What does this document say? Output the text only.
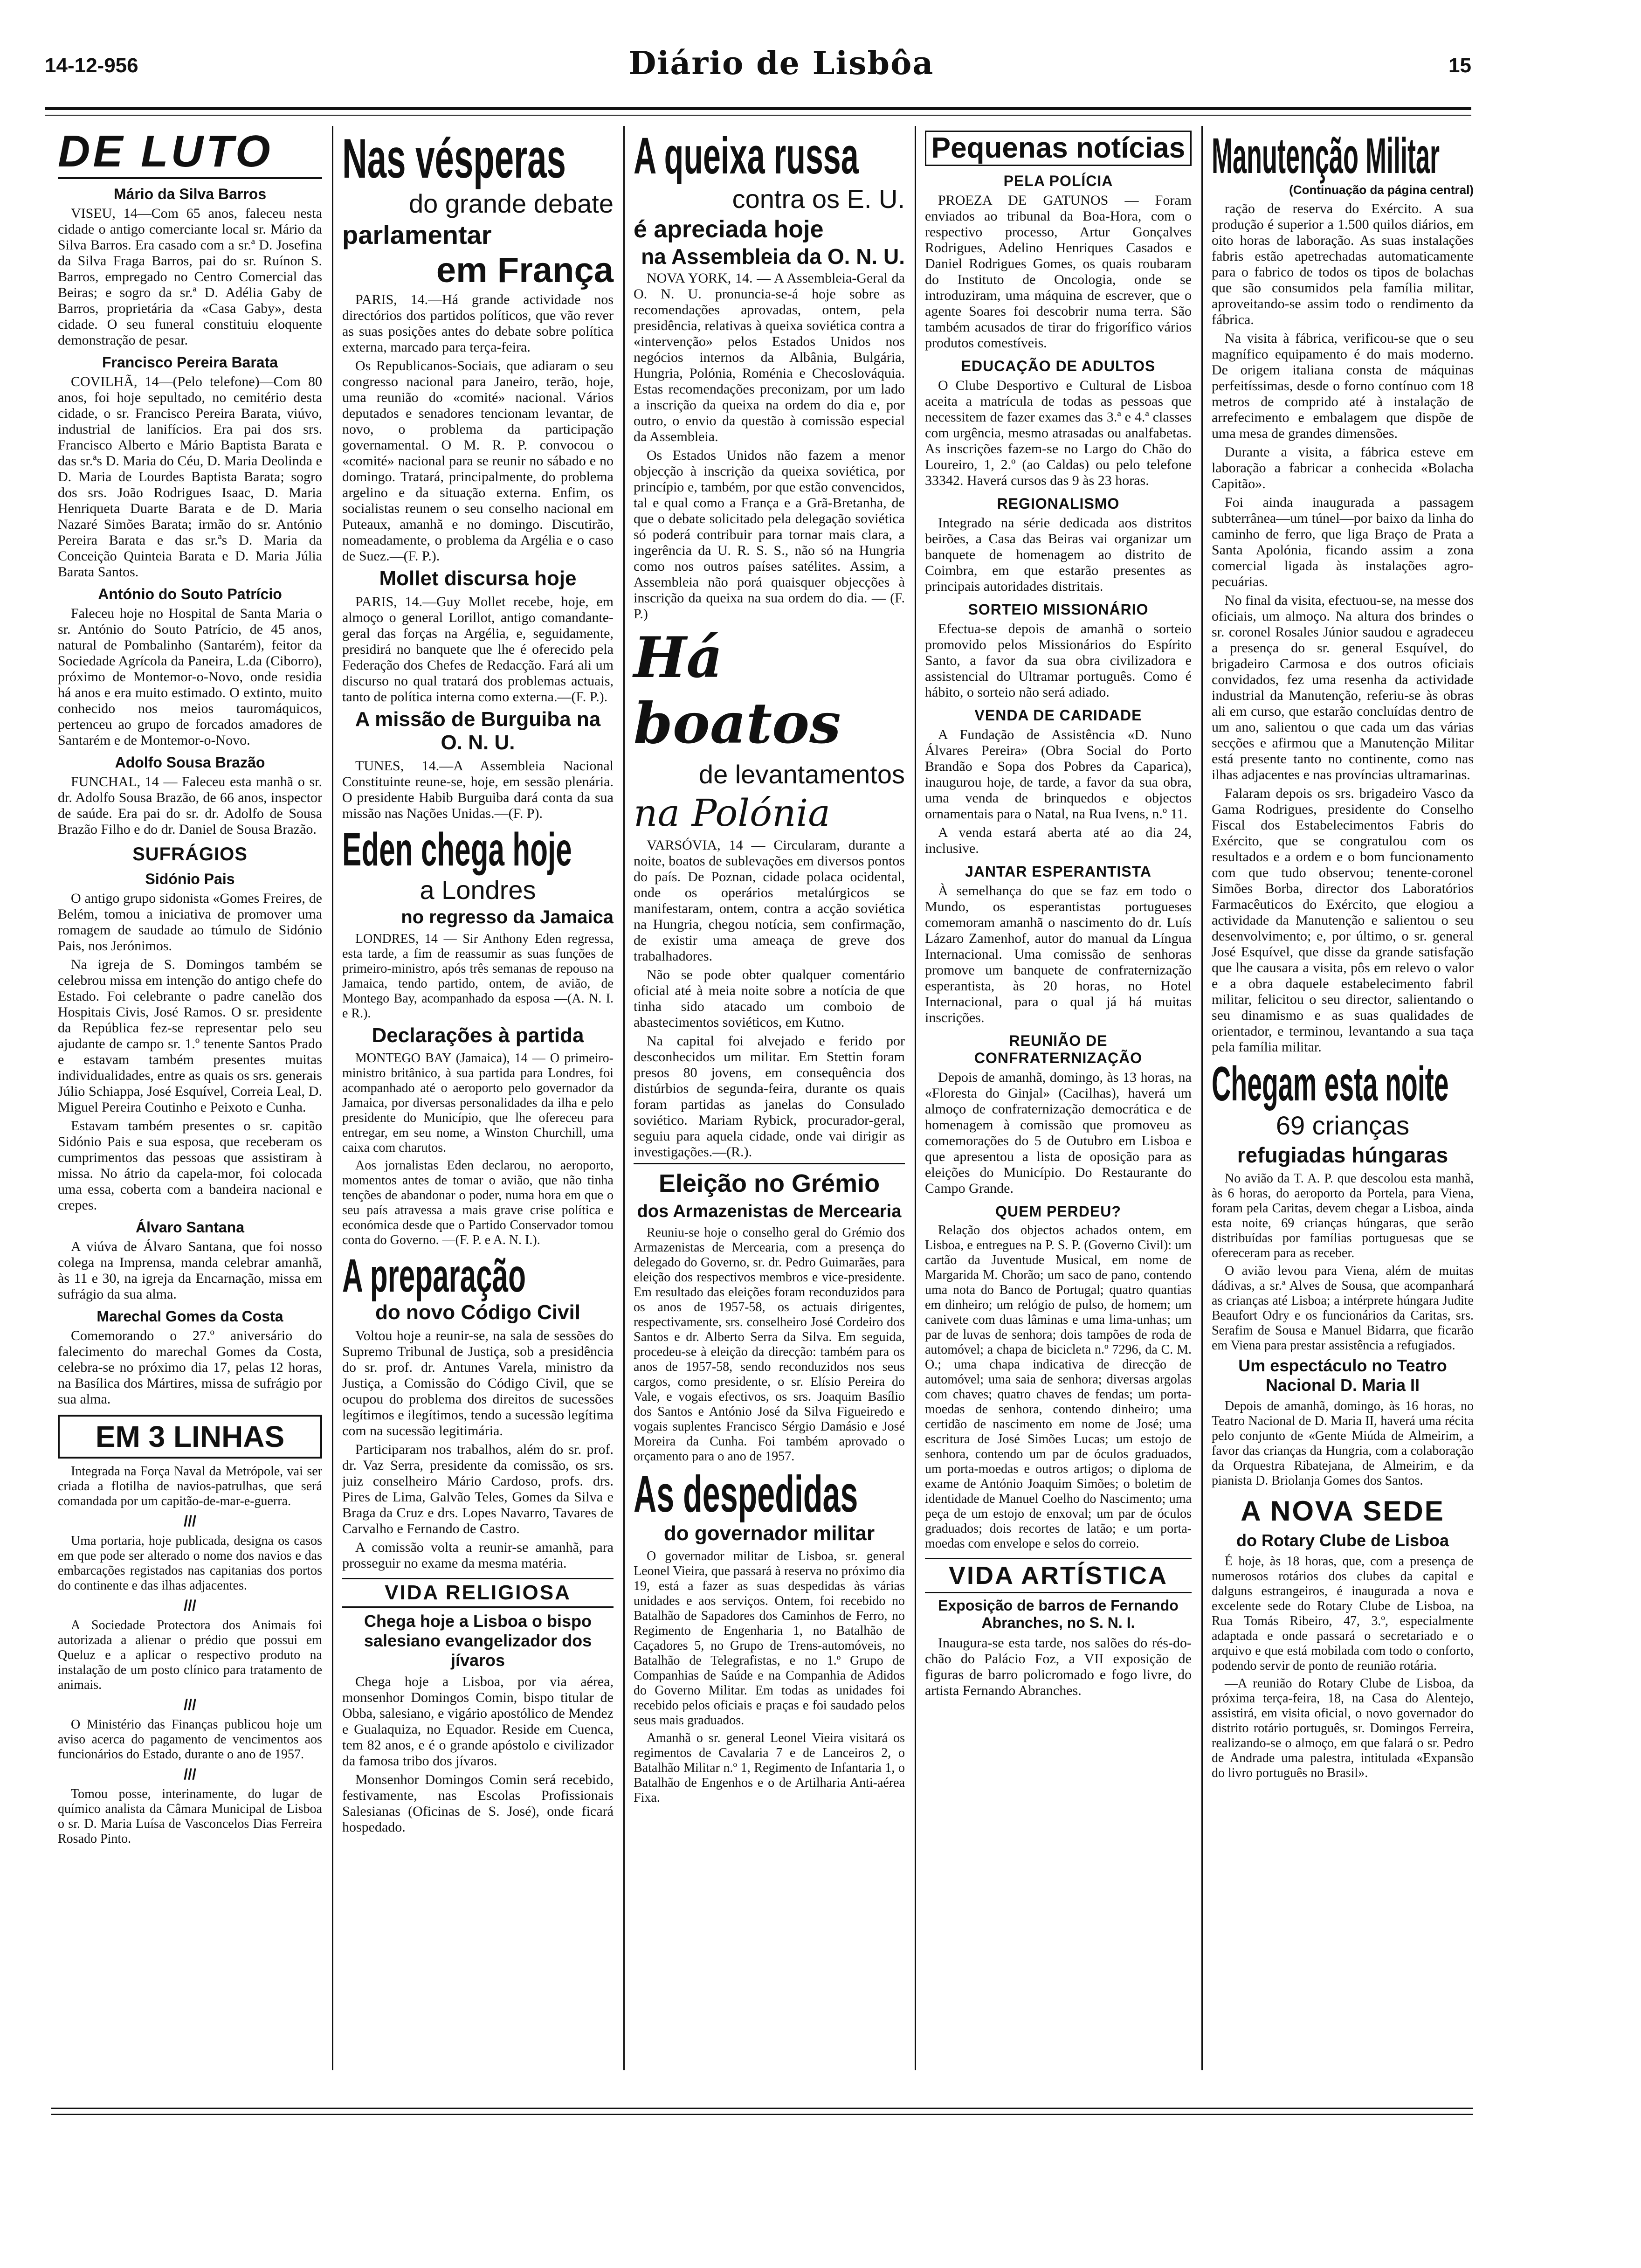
14-12-956	Diário de Lisbôa	15
DE LUTO
Mário da Silva Barros

VISEU, 14—Com 65 anos, faleceu nesta cidade o antigo comerciante local sr. Mário da Silva Barros. Era casado com a sr.ª D. Josefina da Silva Fraga Barros, pai do sr. Ruínon S. Barros, empregado no Centro Comercial das Beiras; e sogro da sr.ª D. Adélia Gaby de Barros, proprietária da «Casa Gaby», desta cidade. O seu funeral constituiu eloquente demonstração de pesar.

Francisco Pereira Barata

COVILHÃ, 14—(Pelo telefone)—Com 80 anos, foi hoje sepultado, no cemitério desta cidade, o sr. Francisco Pereira Barata, viúvo, industrial de lanifícios. Era pai dos srs. Francisco Alberto e Mário Baptista Barata e das sr.ªs D. Maria do Céu, D. Maria Deolinda e D. Maria de Lourdes Baptista Barata; sogro dos srs. João Rodrigues Isaac, D. Maria Henriqueta Duarte Barata e de D. Maria Nazaré Simões Barata; irmão do sr. António Pereira Barata e das sr.ªs D. Maria da Conceição Quinteia Barata e D. Maria Júlia Barata Santos.

António do Souto Patrício

Faleceu hoje no Hospital de Santa Maria o sr. António do Souto Patrício, de 45 anos, natural de Pombalinho (Santarém), feitor da Sociedade Agrícola da Paneira, L.da (Ciborro), próximo de Montemor-o-Novo, onde residia há anos e era muito estimado. O extinto, muito conhecido nos meios tauromáquicos, pertenceu ao grupo de forcados amadores de Santarém e de Montemor-o-Novo.

Adolfo Sousa Brazão

FUNCHAL, 14 — Faleceu esta manhã o sr. dr. Adolfo Sousa Brazão, de 66 anos, inspector de saúde. Era pai do sr. dr. Adolfo de Sousa Brazão Filho e do dr. Daniel de Sousa Brazão.

SUFRÁGIOS
Sidónio Pais

O antigo grupo sidonista «Gomes Freires, de Belém, tomou a iniciativa de promover uma romagem de saudade ao túmulo de Sidónio Pais, nos Jerónimos.

Na igreja de S. Domingos também se celebrou missa em intenção do antigo chefe do Estado. Foi celebrante o padre canelão dos Hospitais Civis, José Ramos. O sr. presidente da República fez-se representar pelo seu ajudante de campo sr. 1.º tenente Santos Prado e estavam também presentes muitas individualidades, entre as quais os srs. generais Júlio Schiappa, José Esquível, Correia Leal, D. Miguel Pereira Coutinho e Peixoto e Cunha.

Estavam também presentes o sr. capitão Sidónio Pais e sua esposa, que receberam os cumprimentos das pessoas que assistiram à missa. No átrio da capela-mor, foi colocada uma essa, coberta com a bandeira nacional e crepes.

Álvaro Santana

A viúva de Álvaro Santana, que foi nosso colega na Imprensa, manda celebrar amanhã, às 11 e 30, na igreja da Encarnação, missa em sufrágio da sua alma.

Marechal Gomes da Costa

Comemorando o 27.º aniversário do falecimento do marechal Gomes da Costa, celebra-se no próximo dia 17, pelas 12 horas, na Basílica dos Mártires, missa de sufrágio por sua alma.

EM 3 LINHAS

Integrada na Força Naval da Metrópole, vai ser criada a flotilha de navios-patrulhas, que será comandada por um capitão-de-mar-e-guerra.

///

Uma portaria, hoje publicada, designa os casos em que pode ser alterado o nome dos navios e das embarcações registados nas capitanias dos portos do continente e das ilhas adjacentes.

///

A Sociedade Protectora dos Animais foi autorizada a alienar o prédio que possui em Queluz e a aplicar o respectivo produto na instalação de um posto clínico para tratamento de animais.

///

O Ministério das Finanças publicou hoje um aviso acerca do pagamento de vencimentos aos funcionários do Estado, durante o ano de 1957.

///

Tomou posse, interinamente, do lugar de químico analista da Câmara Municipal de Lisboa o sr. D. Maria Luísa de Vasconcelos Dias Ferreira Rosado Pinto.

Nas vésperas
do grande debate
parlamentar
em França

PARIS, 14.—Há grande actividade nos directórios dos partidos políticos, que vão rever as suas posições antes do debate sobre política externa, marcado para terça-feira.

Os Republicanos-Sociais, que adiaram o seu congresso nacional para Janeiro, terão, hoje, uma reunião do «comité» nacional. Vários deputados e senadores tencionam levantar, de novo, o problema da participação governamental. O M. R. P. convocou o «comité» nacional para se reunir no sábado e no domingo. Tratará, principalmente, do problema argelino e da situação externa. Enfim, os socialistas reunem o seu conselho nacional em Puteaux, amanhã e no domingo. Discutirão, nomeadamente, o problema da Argélia e o caso de Suez.—(F. P.).

Mollet discursa hoje

PARIS, 14.—Guy Mollet recebe, hoje, em almoço o general Lorillot, antigo comandante-geral das forças na Argélia, e, seguidamente, presidirá no banquete que lhe é oferecido pela Federação dos Chefes de Redacção. Fará ali um discurso no qual tratará dos problemas actuais, tanto de política interna como externa.—(F. P.).

A missão de Burguiba na O. N. U.

TUNES, 14.—A Assembleia Nacional Constituinte reune-se, hoje, em sessão plenária. O presidente Habib Burguiba dará conta da sua missão nas Nações Unidas.—(F. P).

Eden chega hoje
a Londres
no regresso da Jamaica

LONDRES, 14 — Sir Anthony Eden regressa, esta tarde, a fim de reassumir as suas funções de primeiro-ministro, após três semanas de repouso na Jamaica, tendo partido, ontem, de avião, de Montego Bay, acompanhado da esposa —(A. N. I. e R.).

Declarações à partida

MONTEGO BAY (Jamaica), 14 — O primeiro-ministro britânico, à sua partida para Londres, foi acompanhado até o aeroporto pelo governador da Jamaica, por diversas personalidades da ilha e pelo presidente do Município, que lhe ofereceu para entregar, em seu nome, a Winston Churchill, uma caixa com charutos.

Aos jornalistas Eden declarou, no aeroporto, momentos antes de tomar o avião, que não tinha tenções de abandonar o poder, numa hora em que o seu país atravessa a mais grave crise política e económica desde que o Partido Conservador tomou conta do Governo. —(F. P. e A. N. I.).

A preparação
do novo Código Civil

Voltou hoje a reunir-se, na sala de sessões do Supremo Tribunal de Justiça, sob a presidência do sr. prof. dr. Antunes Varela, ministro da Justiça, a Comissão do Código Civil, que se ocupou do problema dos direitos de sucessões legítimos e ilegítimos, tendo a sucessão legítima com na sucessão legitimária.

Participaram nos trabalhos, além do sr. prof. dr. Vaz Serra, presidente da comissão, os srs. juiz conselheiro Mário Cardoso, profs. drs. Pires de Lima, Galvão Teles, Gomes da Silva e Braga da Cruz e drs. Lopes Navarro, Tavares de Carvalho e Fernando de Castro.

A comissão volta a reunir-se amanhã, para prosseguir no exame da mesma matéria.

VIDA RELIGIOSA
Chega hoje a Lisboa o bispo salesiano evangelizador dos jívaros

Chega hoje a Lisboa, por via aérea, monsenhor Domingos Comin, bispo titular de Obba, salesiano, e vigário apostólico de Mendez e Gualaquiza, no Equador. Reside em Cuenca, tem 82 anos, e é o grande apóstolo e civilizador da famosa tribo dos jívaros.

Monsenhor Domingos Comin será recebido, festivamente, nas Escolas Profissionais Salesianas (Oficinas de S. José), onde ficará hospedado.

A queixa russa
contra os E. U.
é apreciada hoje
na Assembleia da O. N. U.

NOVA YORK, 14. — A Assembleia-Geral da O. N. U. pronuncia-se-á hoje sobre as recomendações aprovadas, ontem, pela presidência, relativas à queixa soviética contra a «intervenção» pelos Estados Unidos nos negócios internos da Albânia, Bulgária, Hungria, Polónia, Roménia e Checoslováquia. Estas recomendações preconizam, por um lado a inscrição da queixa na ordem do dia e, por outro, o envio da questão à comissão especial da Assembleia.

Os Estados Unidos não fazem a menor objecção à inscrição da queixa soviética, por princípio e, também, por que estão convencidos, tal e qual como a França e a Grã-Bretanha, de que o debate solicitado pela delegação soviética só poderá contribuir para tornar mais clara, a ingerência da U. R. S. S., não só na Hungria como nos outros países satélites. Assim, a Assembleia não porá quaisquer objecções à inscrição da queixa na sua ordem do dia. — (F. P.)

Há boatos
de levantamentos
na Polónia

VARSÓVIA, 14 — Circularam, durante a noite, boatos de sublevações em diversos pontos do país. De Poznan, cidade polaca ocidental, onde os operários metalúrgicos se manifestaram, ontem, contra a acção soviética na Hungria, chegou notícia, sem confirmação, de existir uma ameaça de greve dos trabalhadores.

Não se pode obter qualquer comentário oficial até à meia noite sobre a notícia de que tinha sido atacado um comboio de abastecimentos soviéticos, em Kutno.

Na capital foi alvejado e ferido por desconhecidos um militar. Em Stettin foram presos 80 jovens, em consequência dos distúrbios de segunda-feira, durante os quais foram partidas as janelas do Consulado soviético. Mariam Rybick, procurador-geral, seguiu para aquela cidade, onde vai dirigir as investigações.—(R.).

Eleição no Grémio
dos Armazenistas de Mercearia

Reuniu-se hoje o conselho geral do Grémio dos Armazenistas de Mercearia, com a presença do delegado do Governo, sr. dr. Pedro Guimarães, para eleição dos respectivos membros e vice-presidente. Em resultado das eleições foram reconduzidos para os anos de 1957-58, os actuais dirigentes, respectivamente, srs. conselheiro José Cordeiro dos Santos e dr. Alberto Serra da Silva. Em seguida, procedeu-se à eleição da direcção: também para os anos de 1957-58, sendo reconduzidos nos seus cargos, como presidente, o sr. Elísio Pereira do Vale, e vogais efectivos, os srs. Joaquim Basílio dos Santos e António José da Silva Figueiredo e vogais suplentes Francisco Sérgio Damásio e José Moreira da Cunha. Foi também aprovado o orçamento para o ano de 1957.

As despedidas
do governador militar

O governador militar de Lisboa, sr. general Leonel Vieira, que passará à reserva no próximo dia 19, está a fazer as suas despedidas às várias unidades e aos serviços. Ontem, foi recebido no Batalhão de Sapadores dos Caminhos de Ferro, no Regimento de Engenharia 1, no Batalhão de Caçadores 5, no Grupo de Trens-automóveis, no Batalhão de Telegrafistas, e no 1.º Grupo de Companhias de Saúde e na Companhia de Adidos do Governo Militar. Em todas as unidades foi recebido pelos oficiais e praças e foi saudado pelos seus mais graduados.

Amanhã o sr. general Leonel Vieira visitará os regimentos de Cavalaria 7 e de Lanceiros 2, o Batalhão Militar n.º 1, Regimento de Infantaria 1, o Batalhão de Engenhos e o de Artilharia Anti-aérea Fixa.

Pequenas notícias
PELA POLÍCIA

PROEZA DE GATUNOS — Foram enviados ao tribunal da Boa-Hora, com o respectivo processo, Artur Gonçalves Rodrigues, Adelino Henriques Casados e Daniel Rodrigues Gomes, os quais roubaram do Instituto de Oncologia, onde se introduziram, uma máquina de escrever, que o agente Soares foi descobrir numa terra. São também acusados de tirar do frigorífico vários produtos comestíveis.

EDUCAÇÃO DE ADULTOS

O Clube Desportivo e Cultural de Lisboa aceita a matrícula de todas as pessoas que necessitem de fazer exames das 3.ª e 4.ª classes com urgência, mesmo atrasadas ou analfabetas. As inscrições fazem-se no Largo do Chão do Loureiro, 1, 2.º (ao Caldas) ou pelo telefone 33342. Haverá cursos das 9 às 23 horas.

REGIONALISMO

Integrado na série dedicada aos distritos beirões, a Casa das Beiras vai organizar um banquete de homenagem ao distrito de Coimbra, em que estarão presentes as principais autoridades distritais.

SORTEIO MISSIONÁRIO

Efectua-se depois de amanhã o sorteio promovido pelos Missionários do Espírito Santo, a favor da sua obra civilizadora e assistencial do Ultramar português. Como é hábito, o sorteio não será adiado.

VENDA DE CARIDADE

A Fundação de Assistência «D. Nuno Álvares Pereira» (Obra Social do Porto Brandão e Sopa dos Pobres da Caparica), inaugurou hoje, de tarde, a favor da sua obra, uma venda de brinquedos e objectos ornamentais para o Natal, na Rua Ivens, n.º 11.

A venda estará aberta até ao dia 24, inclusive.

JANTAR ESPERANTISTA

À semelhança do que se faz em todo o Mundo, os esperantistas portugueses comemoram amanhã o nascimento do dr. Luís Lázaro Zamenhof, autor do manual da Língua Internacional. Uma comissão de senhoras promove um banquete de confraternização esperantista, às 20 horas, no Hotel Internacional, para o qual já há muitas inscrições.

REUNIÃO DE CONFRATERNIZAÇÃO

Depois de amanhã, domingo, às 13 horas, na «Floresta do Ginjal» (Cacilhas), haverá um almoço de confraternização democrática e de homenagem à comissão que promoveu as comemorações do 5 de Outubro em Lisboa e que apresentou a lista de oposição para as eleições do Município. Do Restaurante do Campo Grande.

QUEM PERDEU?

Relação dos objectos achados ontem, em Lisboa, e entregues na P. S. P. (Governo Civil): um cartão da Juventude Musical, em nome de Margarida M. Chorão; um saco de pano, contendo uma nota do Banco de Portugal; quatro quantias em dinheiro; um relógio de pulso, de homem; um canivete com duas lâminas e uma lima-unhas; um par de luvas de senhora; dois tampões de roda de automóvel; a chapa de bicicleta n.º 7296, da C. M. O.; uma chapa indicativa de direcção de automóvel; uma saia de senhora; diversas argolas com chaves; quatro chaves de fendas; um porta-moedas de senhora, contendo dinheiro; uma certidão de nascimento em nome de José; uma escritura de José Simões Lucas; um estojo de senhora, contendo um par de óculos graduados, um porta-moedas e outros artigos; o diploma de exame de António Joaquim Simões; o boletim de identidade de Manuel Coelho do Nascimento; uma peça de um estojo de enxoval; um par de óculos graduados; dois recortes de latão; e um porta-moedas com envelope e selos do correio.

VIDA ARTÍSTICA
Exposição de barros de Fernando Abranches, no S. N. I.

Inaugura-se esta tarde, nos salões do rés-do-chão do Palácio Foz, a VII exposição de figuras de barro policromado e fogo livre, do artista Fernando Abranches.

Manutenção Militar
(Continuação da página central)

ração de reserva do Exército. A sua produção é superior a 1.500 quilos diários, em oito horas de laboração. As suas instalações fabris estão apetrechadas automaticamente para o fabrico de todos os tipos de bolachas que são consumidos pela família militar, aproveitando-se assim todo o rendimento da fábrica.

Na visita à fábrica, verificou-se que o seu magnífico equipamento é do mais moderno. De origem italiana consta de máquinas perfeitíssimas, desde o forno contínuo com 18 metros de comprido até à instalação de arrefecimento e embalagem que dispõe de uma mesa de grandes dimensões.

Durante a visita, a fábrica esteve em laboração a fabricar a conhecida «Bolacha Capitão».

Foi ainda inaugurada a passagem subterrânea—um túnel—por baixo da linha do caminho de ferro, que liga Braço de Prata a Santa Apolónia, ficando assim a zona comercial ligada às instalações agro-pecuárias.

No final da visita, efectuou-se, na messe dos oficiais, um almoço. Na altura dos brindes o sr. coronel Rosales Júnior saudou e agradeceu a presença do sr. general Esquível, do brigadeiro Carmosa e dos outros oficiais convidados, fez uma resenha da actividade industrial da Manutenção, referiu-se às obras ali em curso, que estarão concluídas dentro de um ano, salientou o que cada um das várias secções e afirmou que a Manutenção Militar está presente tanto no continente, como nas ilhas adjacentes e nas províncias ultramarinas.

Falaram depois os srs. brigadeiro Vasco da Gama Rodrigues, presidente do Conselho Fiscal dos Estabelecimentos Fabris do Exército, que se congratulou com os resultados e a ordem e o bom funcionamento com que tudo observou; tenente-coronel Simões Borba, director dos Laboratórios Farmacêuticos do Exército, que elogiou a actividade da Manutenção e salientou o seu desenvolvimento; e, por último, o sr. general José Esquível, que disse da grande satisfação que lhe causara a visita, pôs em relevo o valor e a obra daquele estabelecimento fabril militar, felicitou o seu director, salientando o seu dinamismo e as suas qualidades de orientador, e terminou, levantando a sua taça pela família militar.

Chegam esta noite
69 crianças
refugiadas húngaras

No avião da T. A. P. que descolou esta manhã, às 6 horas, do aeroporto da Portela, para Viena, foram pela Caritas, devem chegar a Lisboa, ainda esta noite, 69 crianças húngaras, que serão distribuídas por famílias portuguesas que se ofereceram para as receber.

O avião levou para Viena, além de muitas dádivas, a sr.ª Alves de Sousa, que acompanhará as crianças até Lisboa; a intérprete húngara Judite Beaufort Odry e os funcionários da Caritas, srs. Serafim de Sousa e Manuel Bidarra, que ficarão em Viena para prestar assistência a refugiados.

Um espectáculo no Teatro Nacional D. Maria II

Depois de amanhã, domingo, às 16 horas, no Teatro Nacional de D. Maria II, haverá uma récita pelo conjunto de «Gente Miúda de Almeirim, a favor das crianças da Hungria, com a colaboração da Orquestra Ribatejana, de Almeirim, e da pianista D. Briolanja Gomes dos Santos.

A NOVA SEDE
do Rotary Clube de Lisboa

É hoje, às 18 horas, que, com a presença de numerosos rotários dos clubes da capital e dalguns estrangeiros, é inaugurada a nova e excelente sede do Rotary Clube de Lisboa, na Rua Tomás Ribeiro, 47, 3.º, especialmente adaptada e onde passará o secretariado e o arquivo e que está mobilada com todo o conforto, podendo servir de ponto de reunião rotária.

—A reunião do Rotary Clube de Lisboa, da próxima terça-feira, 18, na Casa do Alentejo, assistirá, em visita oficial, o novo governador do distrito rotário português, sr. Domingos Ferreira, realizando-se o almoço, em que falará o sr. Pedro de Andrade uma palestra, intitulada «Expansão do livro português no Brasil».
